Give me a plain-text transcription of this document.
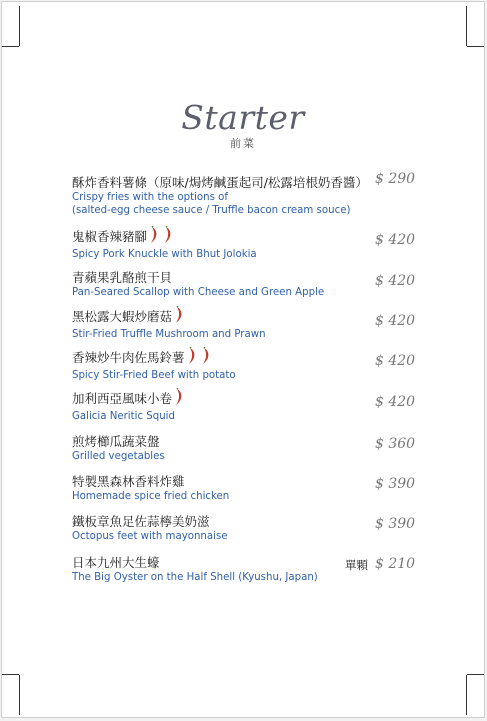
Starter
前菜
酥炸香料薯條（原味/焗烤鹹蛋起司/松露培根奶香醬）
Crispy fries with the options of
(salted-egg cheese sauce / Truffle bacon cream souce)
$ 290
鬼椒香辣豬腳
Spicy Pork Knuckle with Bhut Jolokia
$ 420
青蘋果乳酪煎干貝
Pan-Seared Scallop with Cheese and Green Apple
$ 420
黑松露大蝦炒磨菇
Stir-Fried Truffle Mushroom and Prawn
$ 420
香辣炒牛肉佐馬鈴薯
Spicy Stir-Fried Beef with potato
$ 420
加利西亞風味小卷
Galicia Neritic Squid
$ 420
煎烤櫛瓜蔬菜盤
Grilled vegetables
$ 360
特製黑森林香料炸雞
Homemade spice fried chicken
$ 390
鐵板章魚足佐蒜檸美奶滋
Octopus feet with mayonnaise
$ 390
日本九州大生蠔
The Big Oyster on the Half Shell (Kyushu, Japan)
單顆 $ 210
